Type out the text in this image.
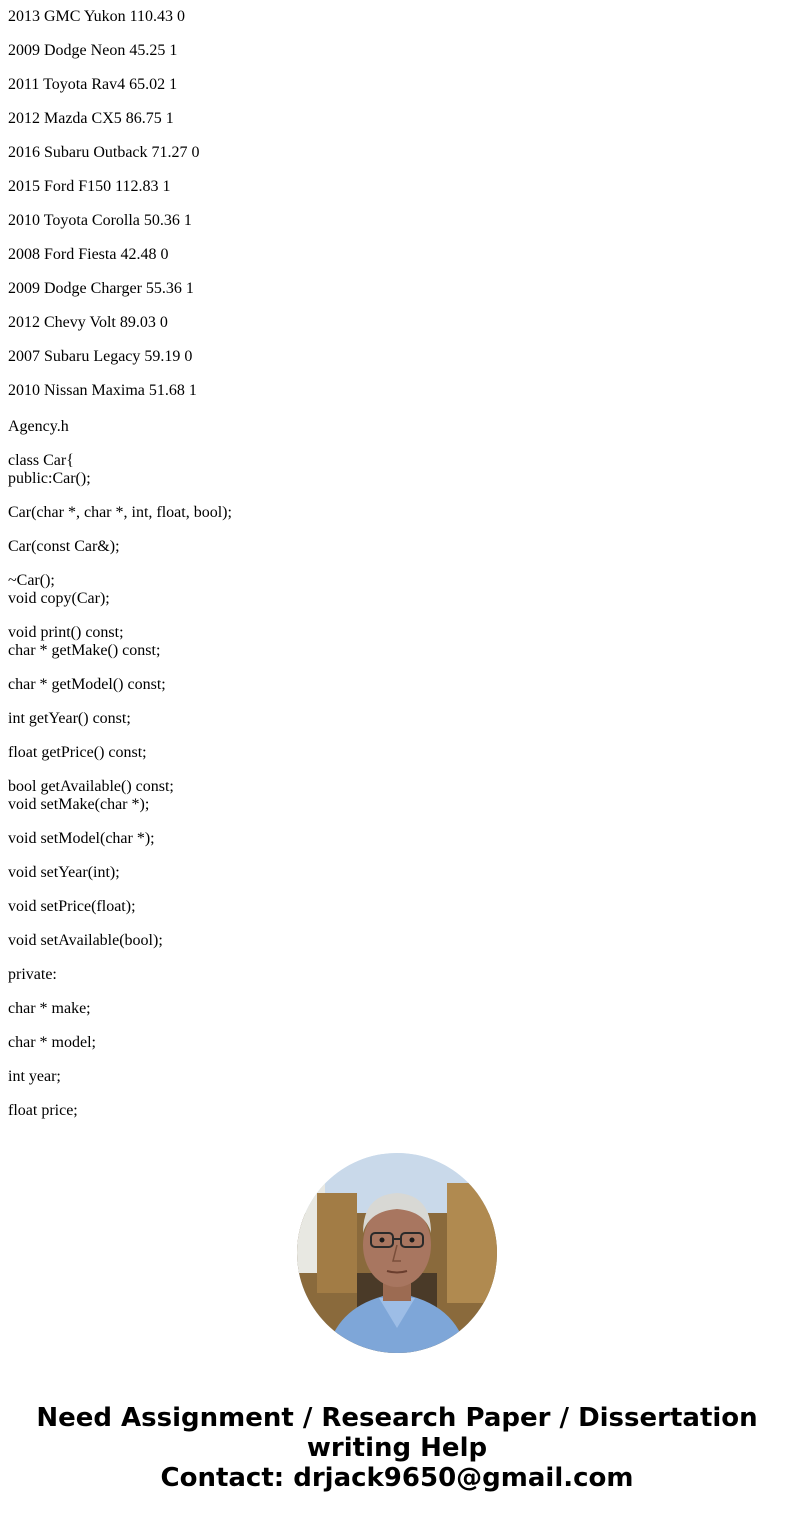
2013 GMC Yukon 110.43 0
2009 Dodge Neon 45.25 1
2011 Toyota Rav4 65.02 1
2012 Mazda CX5 86.75 1
2016 Subaru Outback 71.27 0
2015 Ford F150 112.83 1
2010 Toyota Corolla 50.36 1
2008 Ford Fiesta 42.48 0
2009 Dodge Charger 55.36 1
2012 Chevy Volt 89.03 0
2007 Subaru Legacy 59.19 0
2010 Nissan Maxima 51.68 1
Agency.h
class Car{
public:Car();
Car(char *, char *, int, float, bool);
Car(const Car&);
~Car();
void copy(Car);
void print() const;
char * getMake() const;
char * getModel() const;
int getYear() const;
float getPrice() const;
bool getAvailable() const;
void setMake(char *);
void setModel(char *);
void setYear(int);
void setPrice(float);
void setAvailable(bool);
private:
char * make;
char * model;
int year;
float price;
Need Assignment / Research Paper / Dissertation
writing Help
Contact: drjack9650@gmail.com
